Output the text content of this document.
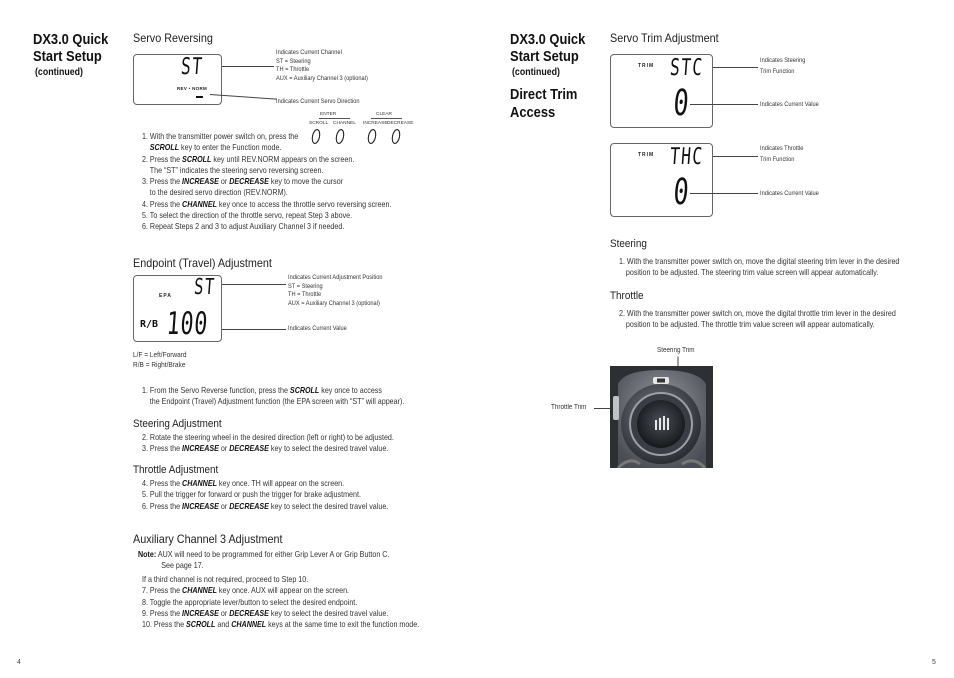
DX3.0 Quick
Start Setup
(continued)
Servo Reversing
ST
REV • NORM
Indicates Current Channel
ST = Steering
TH = Throttle
AUX = Auxiliary Channel 3 (optional)
Indicates Current Servo Direction
ENTER	CLEAR
SCROLL CHANNEL INCREASE DECREASE
1. With the transmitter power switch on, press the
SCROLL key to enter the Function mode.
2. Press the SCROLL key until REV.NORM appears on the screen.
The “ST” indicates the steering servo reversing screen.
3. Press the INCREASE or DECREASE key to move the cursor
to the desired servo direction (REV.NORM).
4. Press the CHANNEL key once to access the throttle servo reversing screen.
5. To select the direction of the throttle servo, repeat Step 3 above.
6. Repeat Steps 2 and 3 to adjust Auxiliary Channel 3 if needed.
Endpoint (Travel) Adjustment
EPA ST
R/B 100
Indicates Current Adjustment Position
ST = Steering
TH = Throttle
AUX = Auxiliary Channel 3 (optional)
Indicates Current Value
L/F = Left/Forward
R/B = Right/Brake
1. From the Servo Reverse function, press the SCROLL key once to access
the Endpoint (Travel) Adjustment function (the EPA screen with “ST” will appear).
Steering Adjustment
2. Rotate the steering wheel in the desired direction (left or right) to be adjusted.
3. Press the INCREASE or DECREASE key to select the desired travel value.
Throttle Adjustment
4. Press the CHANNEL key once. TH will appear on the screen.
5. Pull the trigger for forward or push the trigger for brake adjustment.
6. Press the INCREASE or DECREASE key to select the desired travel value.
Auxiliary Channel 3 Adjustment
Note: AUX will need to be programmed for either Grip Lever A or Grip Button C.
See page 17.
If a third channel is not required, proceed to Step 10.
7. Press the CHANNEL key once. AUX will appear on the screen.
8. Toggle the appropriate lever/button to select the desired endpoint.
9. Press the INCREASE or DECREASE key to select the desired travel value.
10. Press the SCROLL and CHANNEL keys at the same time to exit the function mode.
4
DX3.0 Quick
Start Setup
(continued)
Direct Trim
Access
Servo Trim Adjustment
TRIM STC
0
Indicates Steering
Trim Function
Indicates Current Value
TRIM THC
0
Indicates Throttle
Trim Function
Indicates Current Value
Steering
1. With the transmitter power switch on, move the digital steering trim lever in the desired
position to be adjusted. The steering trim value screen will appear automatically.
Throttle
2. With the transmitter power switch on, move the digital throttle trim lever in the desired
position to be adjusted. The throttle trim value screen will appear automatically.
Steering Trim
Throttle Trim
5
